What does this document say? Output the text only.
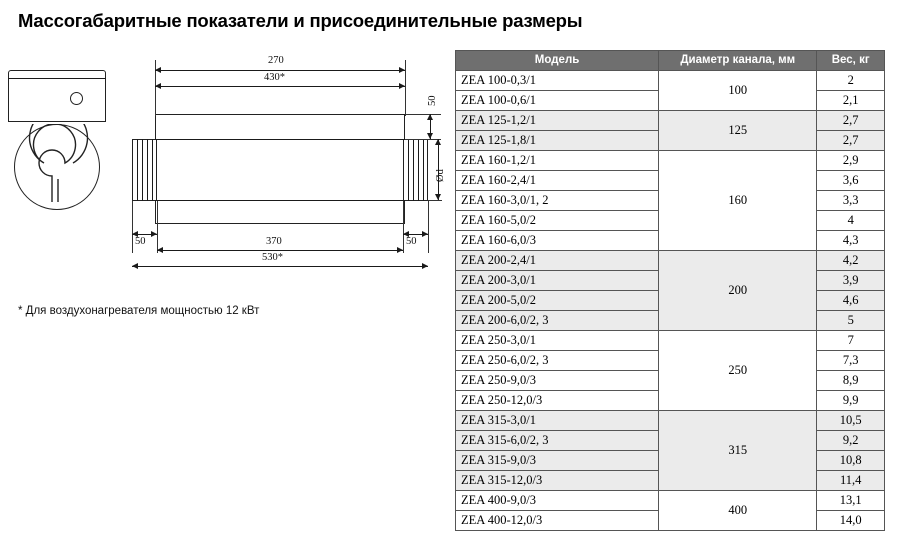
Массогабаритные показатели и присоединительные размеры
270
430*
50
Ød
50	50
370
530*
* Для воздухонагревателя мощностью 12 кВт
Модель	Диаметр канала, мм	Вес, кг
ZEA 100-0,3/1	100	2
ZEA 100-0,6/1		2,1
ZEA 125-1,2/1	125	2,7
ZEA 125-1,8/1		2,7
ZEA 160-1,2/1	160	2,9
ZEA 160-2,4/1		3,6
ZEA 160-3,0/1, 2		3,3
ZEA 160-5,0/2		4
ZEA 160-6,0/3		4,3
ZEA 200-2,4/1	200	4,2
ZEA 200-3,0/1		3,9
ZEA 200-5,0/2		4,6
ZEA 200-6,0/2, 3		5
ZEA 250-3,0/1	250	7
ZEA 250-6,0/2, 3		7,3
ZEA 250-9,0/3		8,9
ZEA 250-12,0/3		9,9
ZEA 315-3,0/1	315	10,5
ZEA 315-6,0/2, 3		9,2
ZEA 315-9,0/3		10,8
ZEA 315-12,0/3		11,4
ZEA 400-9,0/3	400	13,1
ZEA 400-12,0/3		14,0
